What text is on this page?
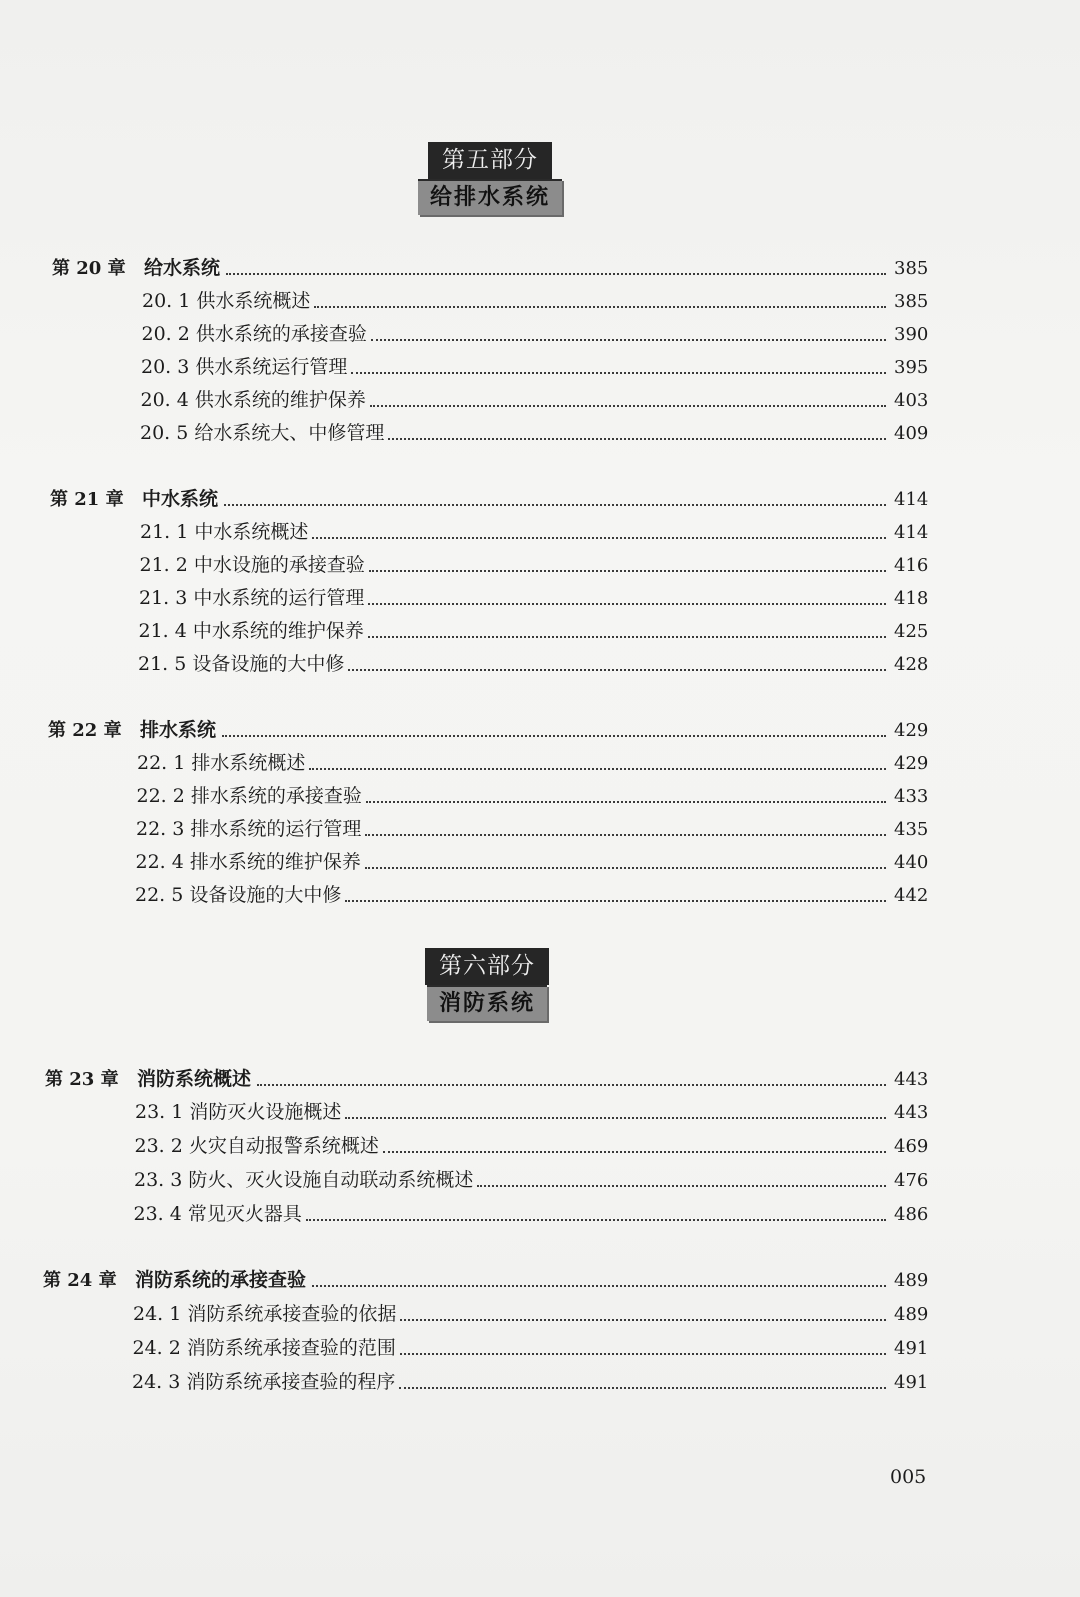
第五部分
给排水系统
第六部分
消防系统
第 20 章 给水系统	385
20. 1 供水系统概述	385
20. 2 供水系统的承接查验	390
20. 3 供水系统运行管理	395
20. 4 供水系统的维护保养	403
20. 5 给水系统大、中修管理	409
第 21 章 中水系统	414
21. 1 中水系统概述	414
21. 2 中水设施的承接查验	416
21. 3 中水系统的运行管理	418
21. 4 中水系统的维护保养	425
21. 5 设备设施的大中修	428
第 22 章 排水系统	429
22. 1 排水系统概述	429
22. 2 排水系统的承接查验	433
22. 3 排水系统的运行管理	435
22. 4 排水系统的维护保养	440
22. 5 设备设施的大中修	442
第 23 章 消防系统概述	443
23. 1 消防灭火设施概述	443
23. 2 火灾自动报警系统概述	469
23. 3 防火、灭火设施自动联动系统概述	476
23. 4 常见灭火器具	486
第 24 章 消防系统的承接查验	489
24. 1 消防系统承接查验的依据	489
24. 2 消防系统承接查验的范围	491
24. 3 消防系统承接查验的程序	491
005
